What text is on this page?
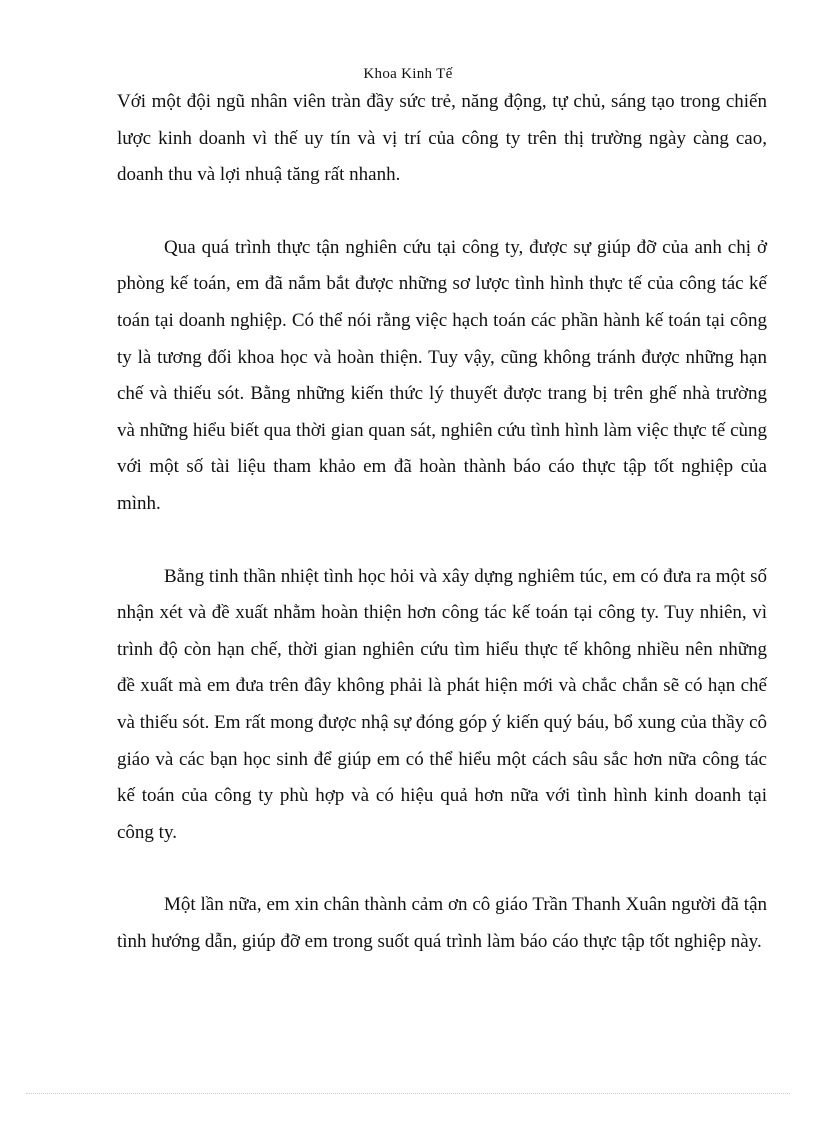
Khoa Kinh Tế

Với một đội ngũ nhân viên tràn đầy sức trẻ, năng động, tự chủ, sáng tạo trong chiến lược kinh doanh vì thế uy tín và vị trí của công ty trên thị trường ngày càng cao, doanh thu và lợi nhuậ tăng rất nhanh.

Qua quá trình thực tận nghiên cứu tại công ty, được sự giúp đỡ của anh chị ở phòng kế toán, em đã nắm bắt được những sơ lược tình hình thực tế của công tác kế toán tại doanh nghiệp. Có thể nói rằng việc hạch toán các phần hành kế toán tại công ty là tương đối khoa học và hoàn thiện. Tuy vậy, cũng không tránh được những hạn chế và thiếu sót. Bằng những kiến thức lý thuyết được trang bị trên ghế nhà trường và những hiểu biết qua thời gian quan sát, nghiên cứu tình hình làm việc thực tế cùng với một số tài liệu tham khảo em đã hoàn thành báo cáo thực tập tốt nghiệp của mình.

Bằng tinh thần nhiệt tình học hỏi và xây dựng nghiêm túc, em có đưa ra một số nhận xét và đề xuất nhằm hoàn thiện hơn công tác kế toán tại công ty. Tuy nhiên, vì trình độ còn hạn chế, thời gian nghiên cứu tìm hiểu thực tế không nhiều nên những đề xuất mà em đưa trên đây không phải là phát hiện mới và chắc chắn sẽ có hạn chế và thiếu sót. Em rất mong được nhậ sự đóng góp ý kiến quý báu, bổ xung của thầy cô giáo và các bạn học sinh để giúp em có thể hiểu một cách sâu sắc hơn nữa công tác kế toán của công ty phù hợp và có hiệu quả hơn nữa với tình hình kinh doanh tại công ty.

Một lần nữa, em xin chân thành cảm ơn cô giáo Trần Thanh Xuân người đã tận tình hướng dẫn, giúp đỡ em trong suốt quá trình làm báo cáo thực tập tốt nghiệp này.
